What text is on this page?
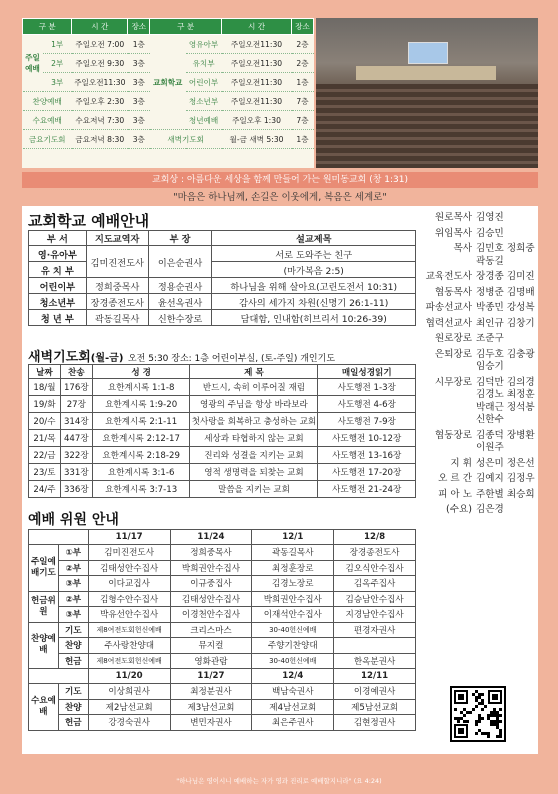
구 분		시 간	장소	구 분		시 간	장소
주일예배	1부	주일오전 7:00	1층	교회학교	영유아부	주일오전11:30	2층
	2부	주일오전 9:30	3층		유치부	주일오전11:30	2층
	3부	주일오전11:30	3층		어린이부	주일오전11:30	1층
찬양예배		주일오후 2:30	3층		청소년부	주일오전11:30	7층
수요예배		수요저녁 7:30	3층		청년예배	주일오후 1:30	7층
금요기도회		금요저녁 8:30	3층	새벽기도회		월-금 새벽 5:30	1층
교회상 : 아름다운 세상을 함께 만들어 가는 원미동교회 (창 1:31)
"마음은 하나님께, 손길은 이웃에게, 복음은 세계로"
교회학교 예배안내
부 서	지도교역자	부 장	설교제목
영·유아부	김미진전도사	이은순권사	서로 도와주는 친구
유 치 부			(마가복음 2:5)
어린이부	정희중목사	정용순권사	하나님을 위해 살아요(고린도전서 10:31)
청소년부	장경종전도사	윤선옥권사	감사의 세가지 차원(신명기 26:1-11)
청 년 부	곽동길목사	신한수장로	담대함, 인내함(히브리서 10:26-39)
새벽기도회(월-금) 오전 5:30 장소: 1층 어린이부실, (토-주일) 개인기도
날짜	찬송	성 경	제 목	매일성경읽기
18/월	176장	요한계시록 1:1-8	반드시, 속히 이루어질 재림	사도행전 1-3장
19/화	27장	요한계시록 1:9-20	영광의 주님을 항상 바라보라	사도행전 4-6장
20/수	314장	요한계시록 2:1-11	첫사랑을 회복하고 충성하는 교회	사도행전 7-9장
21/목	447장	요한계시록 2:12-17	세상과 타협하지 않는 교회	사도행전 10-12장
22/금	322장	요한계시록 2:18-29	진리와 성결을 지키는 교회	사도행전 13-16장
23/토	331장	요한계시록 3:1-6	영적 생명력을 되찾는 교회	사도행전 17-20장
24/주	336장	요한계시록 3:7-13	말씀을 지키는 교회	사도행전 21-24장
예배 위원 안내
		11/17	11/24	12/1	12/8
주일예배기도	①부	김미진전도사	정희중목사	곽동길목사	장경종전도사
	②부	김태성안수집사	박희권안수집사	최정훈장로	김오식안수집사
	③부	이다교집사	이규중집사	김경노장로	김옥주집사
헌금위원	②부	김형수안수집사	김태성안수집사	박희권안수집사	김승남안수집사
	③부	박유선안수집사	이경천안수집사	이재석안수집사	지경남안수집사
찬양예배	기도	제8여전도회헌신예배	크리스마스	30-40헌신예배	편경자권사
	찬양	주사랑찬양대	뮤지컬	주향기찬양대	
	헌금	제8여전도회헌신예배	영화관람	30-40헌신예배	한옥분권사
		11/20	11/27	12/4	12/11
수요예배	기도	이상희권사	최정분권사	백남숙권사	이경예권사
	찬양	제2남선교회	제3남선교회	제4남선교회	제5남선교회
	헌금	강경숙권사	변민자권사	최은주권사	김현정권사
원로목사 김영진
위임목사 김승민
목사 김민호 정희중 곽동길
교육전도사 장경종 김미진
협동목사 정병준 김명배
파송선교사 박종민 강성복
협력선교사 최인규 김창기
원로장로 조준구
은퇴장로 김두호 김충광 임승기
시무장로 김덕만 김의경 김경노 최정훈 박래근 정석봉 신한수
협동장로 김종덕 장병환 이원주
지 휘 성은미 정은선
오 르 간 김예지 김정우
피 아 노 주한별 최승희
(수요) 김은경
"하나님은 영이시니 예배하는 자가 영과 진리로 예배할지니라" (요 4:24)
